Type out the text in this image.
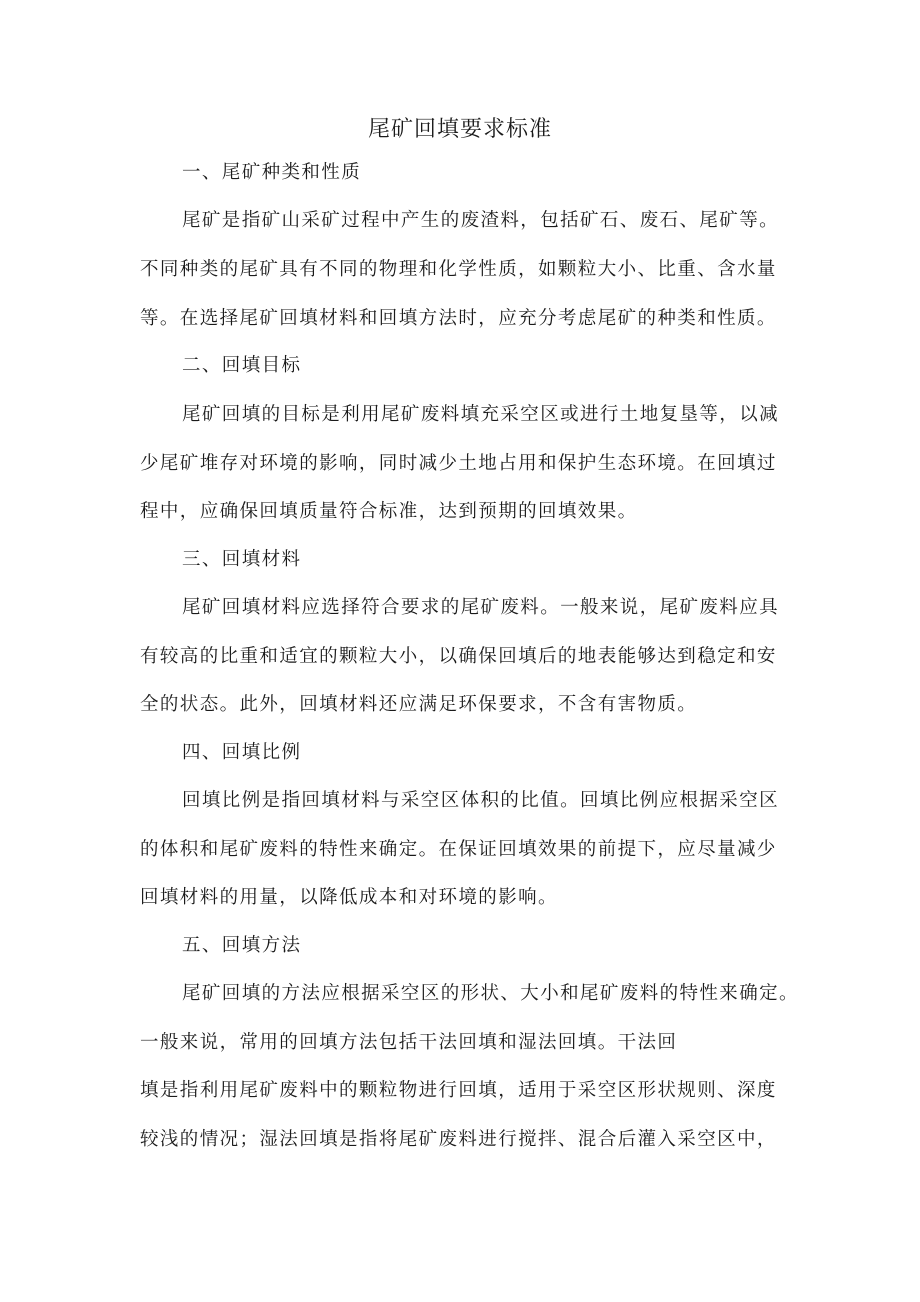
尾矿回填要求标准
一、尾矿种类和性质
尾矿是指矿山采矿过程中产生的废渣料，包括矿石、废石、尾矿等。
不同种类的尾矿具有不同的物理和化学性质，如颗粒大小、比重、含水量
等。在选择尾矿回填材料和回填方法时，应充分考虑尾矿的种类和性质。
二、回填目标
尾矿回填的目标是利用尾矿废料填充采空区或进行土地复垦等，以减
少尾矿堆存对环境的影响，同时减少土地占用和保护生态环境。在回填过
程中，应确保回填质量符合标准，达到预期的回填效果。
三、回填材料
尾矿回填材料应选择符合要求的尾矿废料。一般来说，尾矿废料应具
有较高的比重和适宜的颗粒大小，以确保回填后的地表能够达到稳定和安
全的状态。此外，回填材料还应满足环保要求，不含有害物质。
四、回填比例
回填比例是指回填材料与采空区体积的比值。回填比例应根据采空区
的体积和尾矿废料的特性来确定。在保证回填效果的前提下，应尽量减少
回填材料的用量，以降低成本和对环境的影响。
五、回填方法
尾矿回填的方法应根据采空区的形状、大小和尾矿废料的特性来确定。
一般来说，常用的回填方法包括干法回填和湿法回填。干法回
填是指利用尾矿废料中的颗粒物进行回填，适用于采空区形状规则、深度
较浅的情况；湿法回填是指将尾矿废料进行搅拌、混合后灌入采空区中，
